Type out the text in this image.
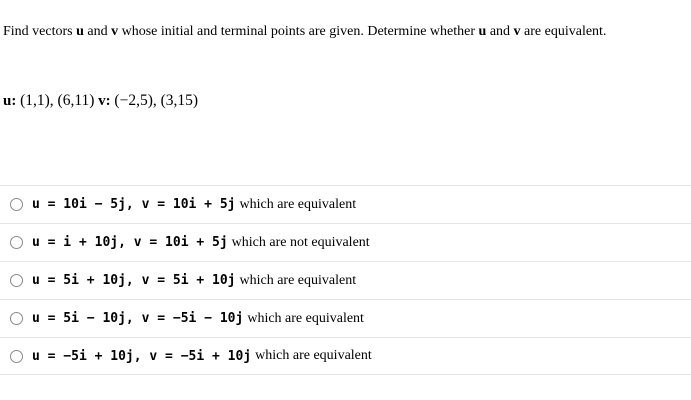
Find vectors u and v whose initial and terminal points are given. Determine whether u and v are equivalent.
u: (1,1), (6,11) v: (−2,5), (3,15)
u = 10i − 5j, v = 10i + 5j which are equivalent
u = i + 10j, v = 10i + 5j which are not equivalent
u = 5i + 10j, v = 5i + 10j which are equivalent
u = 5i − 10j, v = −5i − 10j which are equivalent
u = −5i + 10j, v = −5i + 10j which are equivalent
